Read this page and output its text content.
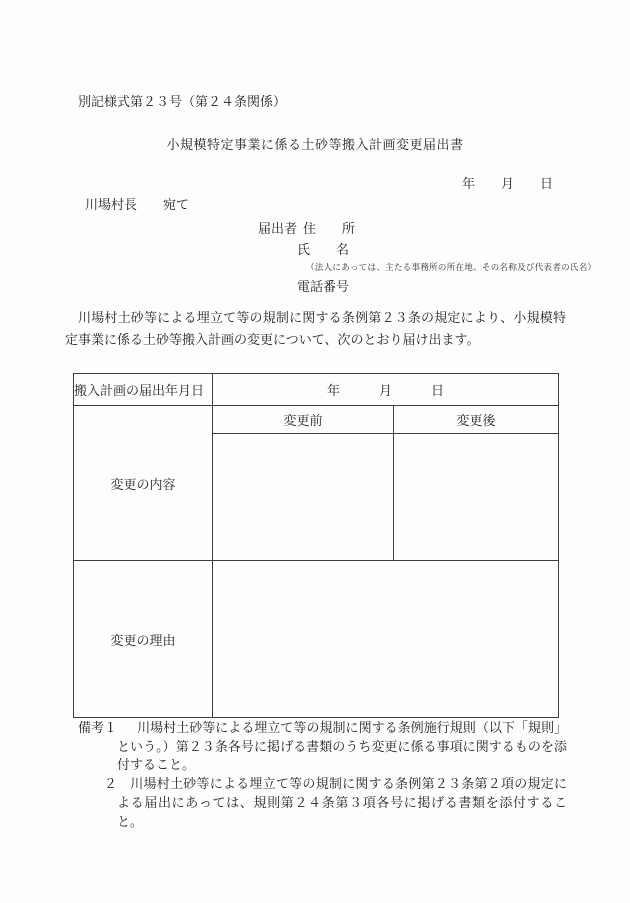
別記様式第２３号（第２４条関係）
小規模特定事業に係る土砂等搬入計画変更届出書
年　　月　　日
川場村長　　宛て
届出者 住　　所
氏　　名
（法人にあっては、主たる事務所の所在地、その名称及び代表者の氏名）
電話番号
川場村土砂等による埋立て等の規制に関する条例第２３条の規定により、小規模特定事業に係る土砂等搬入計画の変更について、次のとおり届け出ます。
搬入計画の届出年月日	年　　　月　　　日	
変更の内容	変更前	変更後

変更の理由		
備考１ 川場村土砂等による埋立て等の規制に関する条例施行規則（以下「規則」という。）第２３条各号に掲げる書類のうち変更に係る事項に関するものを添付すること。
２ 川場村土砂等による埋立て等の規制に関する条例第２３条第２項の規定による届出にあっては、規則第２４条第３項各号に掲げる書類を添付すること。
